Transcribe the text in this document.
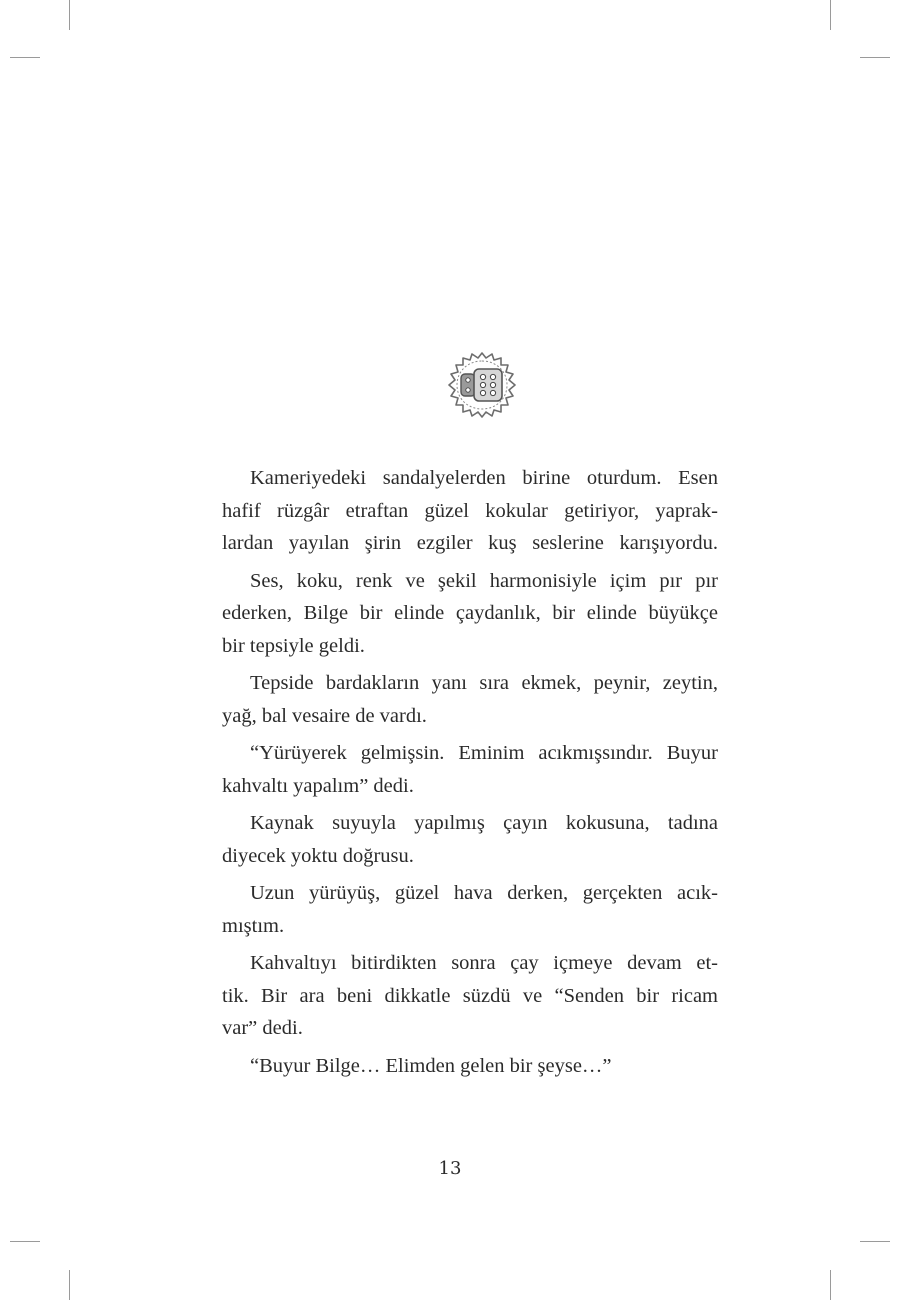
Kameriyedeki sandalyelerden birine oturdum. Esen
hafif rüzgâr etraftan güzel kokular getiriyor, yaprak-
lardan yayılan şirin ezgiler kuş seslerine karışıyordu.
Ses, koku, renk ve şekil harmonisiyle içim pır pır
ederken, Bilge bir elinde çaydanlık, bir elinde büyükçe
bir tepsiyle geldi.
Tepside bardakların yanı sıra ekmek, peynir, zeytin,
yağ, bal vesaire de vardı.
“Yürüyerek gelmişsin. Eminim acıkmışsındır. Buyur
kahvaltı yapalım” dedi.
Kaynak suyuyla yapılmış çayın kokusuna, tadına
diyecek yoktu doğrusu.
Uzun yürüyüş, güzel hava derken, gerçekten acık-
mıştım.
Kahvaltıyı bitirdikten sonra çay içmeye devam et-
tik. Bir ara beni dikkatle süzdü ve “Senden bir ricam
var” dedi.
“Buyur Bilge… Elimden gelen bir şeyse…”
13
